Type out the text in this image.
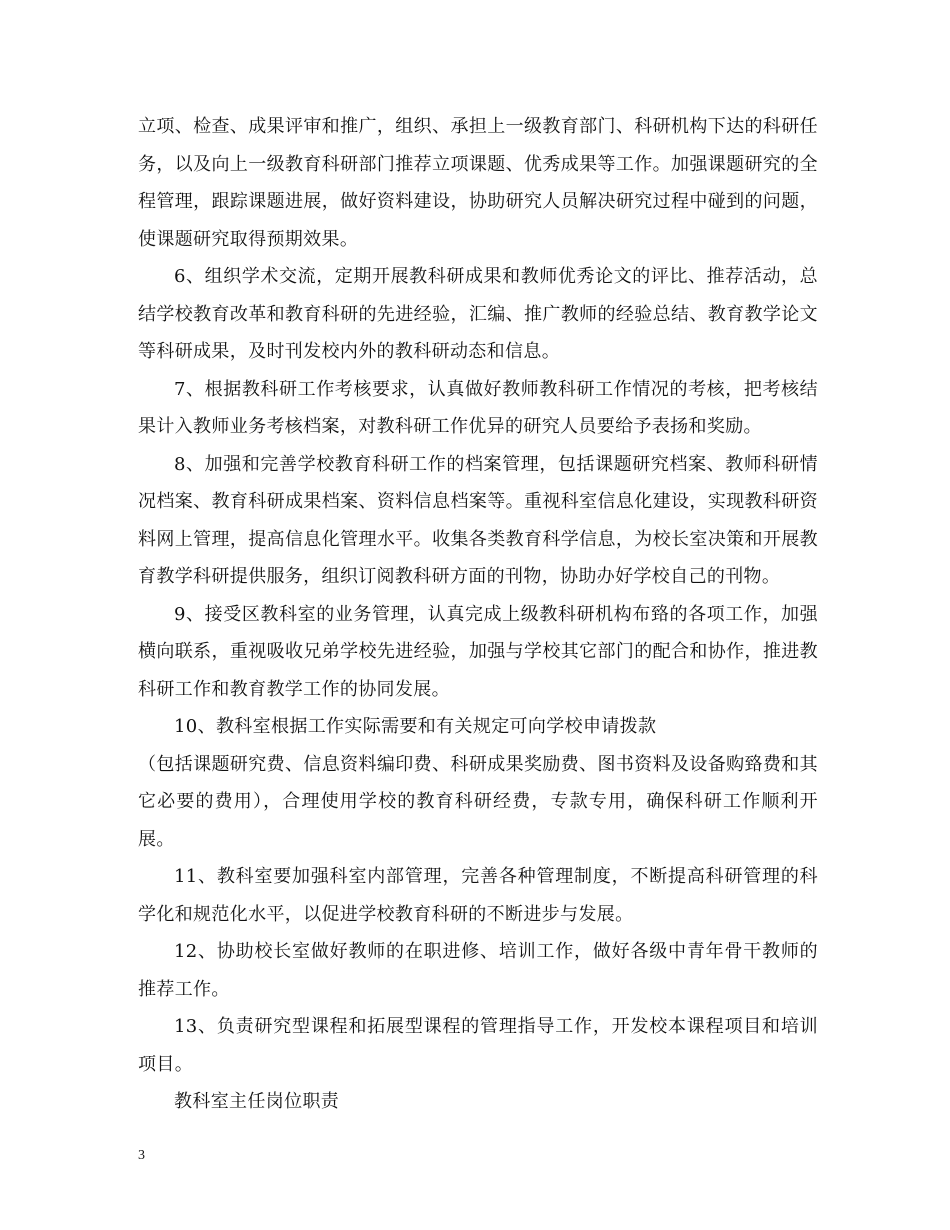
立项、检查、成果评审和推广，组织、承担上一级教育部门、科研机构下达的科研任务，以及向上一级教育科研部门推荐立项课题、优秀成果等工作。加强课题研究的全程管理，跟踪课题进展，做好资料建设，协助研究人员解决研究过程中碰到的问题，使课题研究取得预期效果。

6、组织学术交流，定期开展教科研成果和教师优秀论文的评比、推荐活动，总结学校教育改革和教育科研的先进经验，汇编、推广教师的经验总结、教育教学论文等科研成果，及时刊发校内外的教科研动态和信息。

7、根据教科研工作考核要求，认真做好教师教科研工作情况的考核，把考核结果计入教师业务考核档案，对教科研工作优异的研究人员要给予表扬和奖励。

8、加强和完善学校教育科研工作的档案管理，包括课题研究档案、教师科研情况档案、教育科研成果档案、资料信息档案等。重视科室信息化建设，实现教科研资料网上管理，提高信息化管理水平。收集各类教育科学信息，为校长室决策和开展教育教学科研提供服务，组织订阅教科研方面的刊物，协助办好学校自己的刊物。

9、接受区教科室的业务管理，认真完成上级教科研机构布臵的各项工作，加强横向联系，重视吸收兄弟学校先进经验，加强与学校其它部门的配合和协作，推进教科研工作和教育教学工作的协同发展。

10、教科室根据工作实际需要和有关规定可向学校申请拨款

（包括课题研究费、信息资料编印费、科研成果奖励费、图书资料及设备购臵费和其它必要的费用），合理使用学校的教育科研经费，专款专用，确保科研工作顺利开展。

11、教科室要加强科室内部管理，完善各种管理制度，不断提高科研管理的科学化和规范化水平，以促进学校教育科研的不断进步与发展。

12、协助校长室做好教师的在职进修、培训工作，做好各级中青年骨干教师的推荐工作。

13、负责研究型课程和拓展型课程的管理指导工作，开发校本课程项目和培训项目。

教科室主任岗位职责

3
